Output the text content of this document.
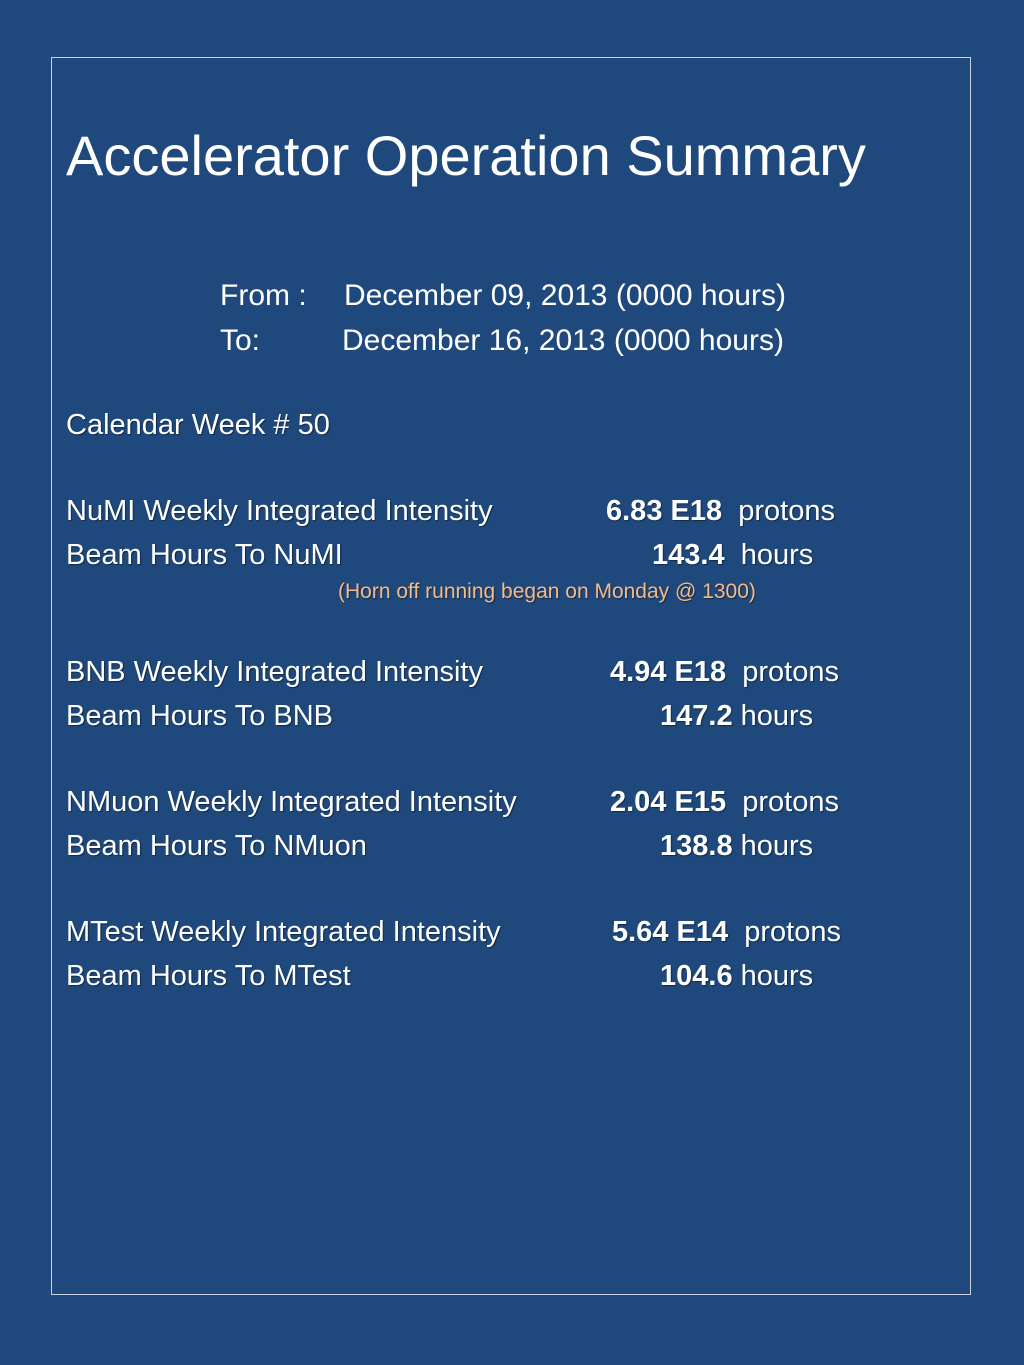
Accelerator Operation Summary
From : December 09, 2013 (0000 hours)
To:	December 16, 2013 (0000 hours)
Calendar Week # 50
NuMI Weekly Integrated Intensity	6.83 E18 protons
Beam Hours To NuMI	143.4 hours
(Horn off running began on Monday @ 1300)
BNB Weekly Integrated Intensity	4.94 E18 protons
Beam Hours To BNB	147.2 hours
NMuon Weekly Integrated Intensity	2.04 E15 protons
Beam Hours To NMuon	138.8 hours
MTest Weekly Integrated Intensity	5.64 E14 protons
Beam Hours To MTest	104.6 hours
